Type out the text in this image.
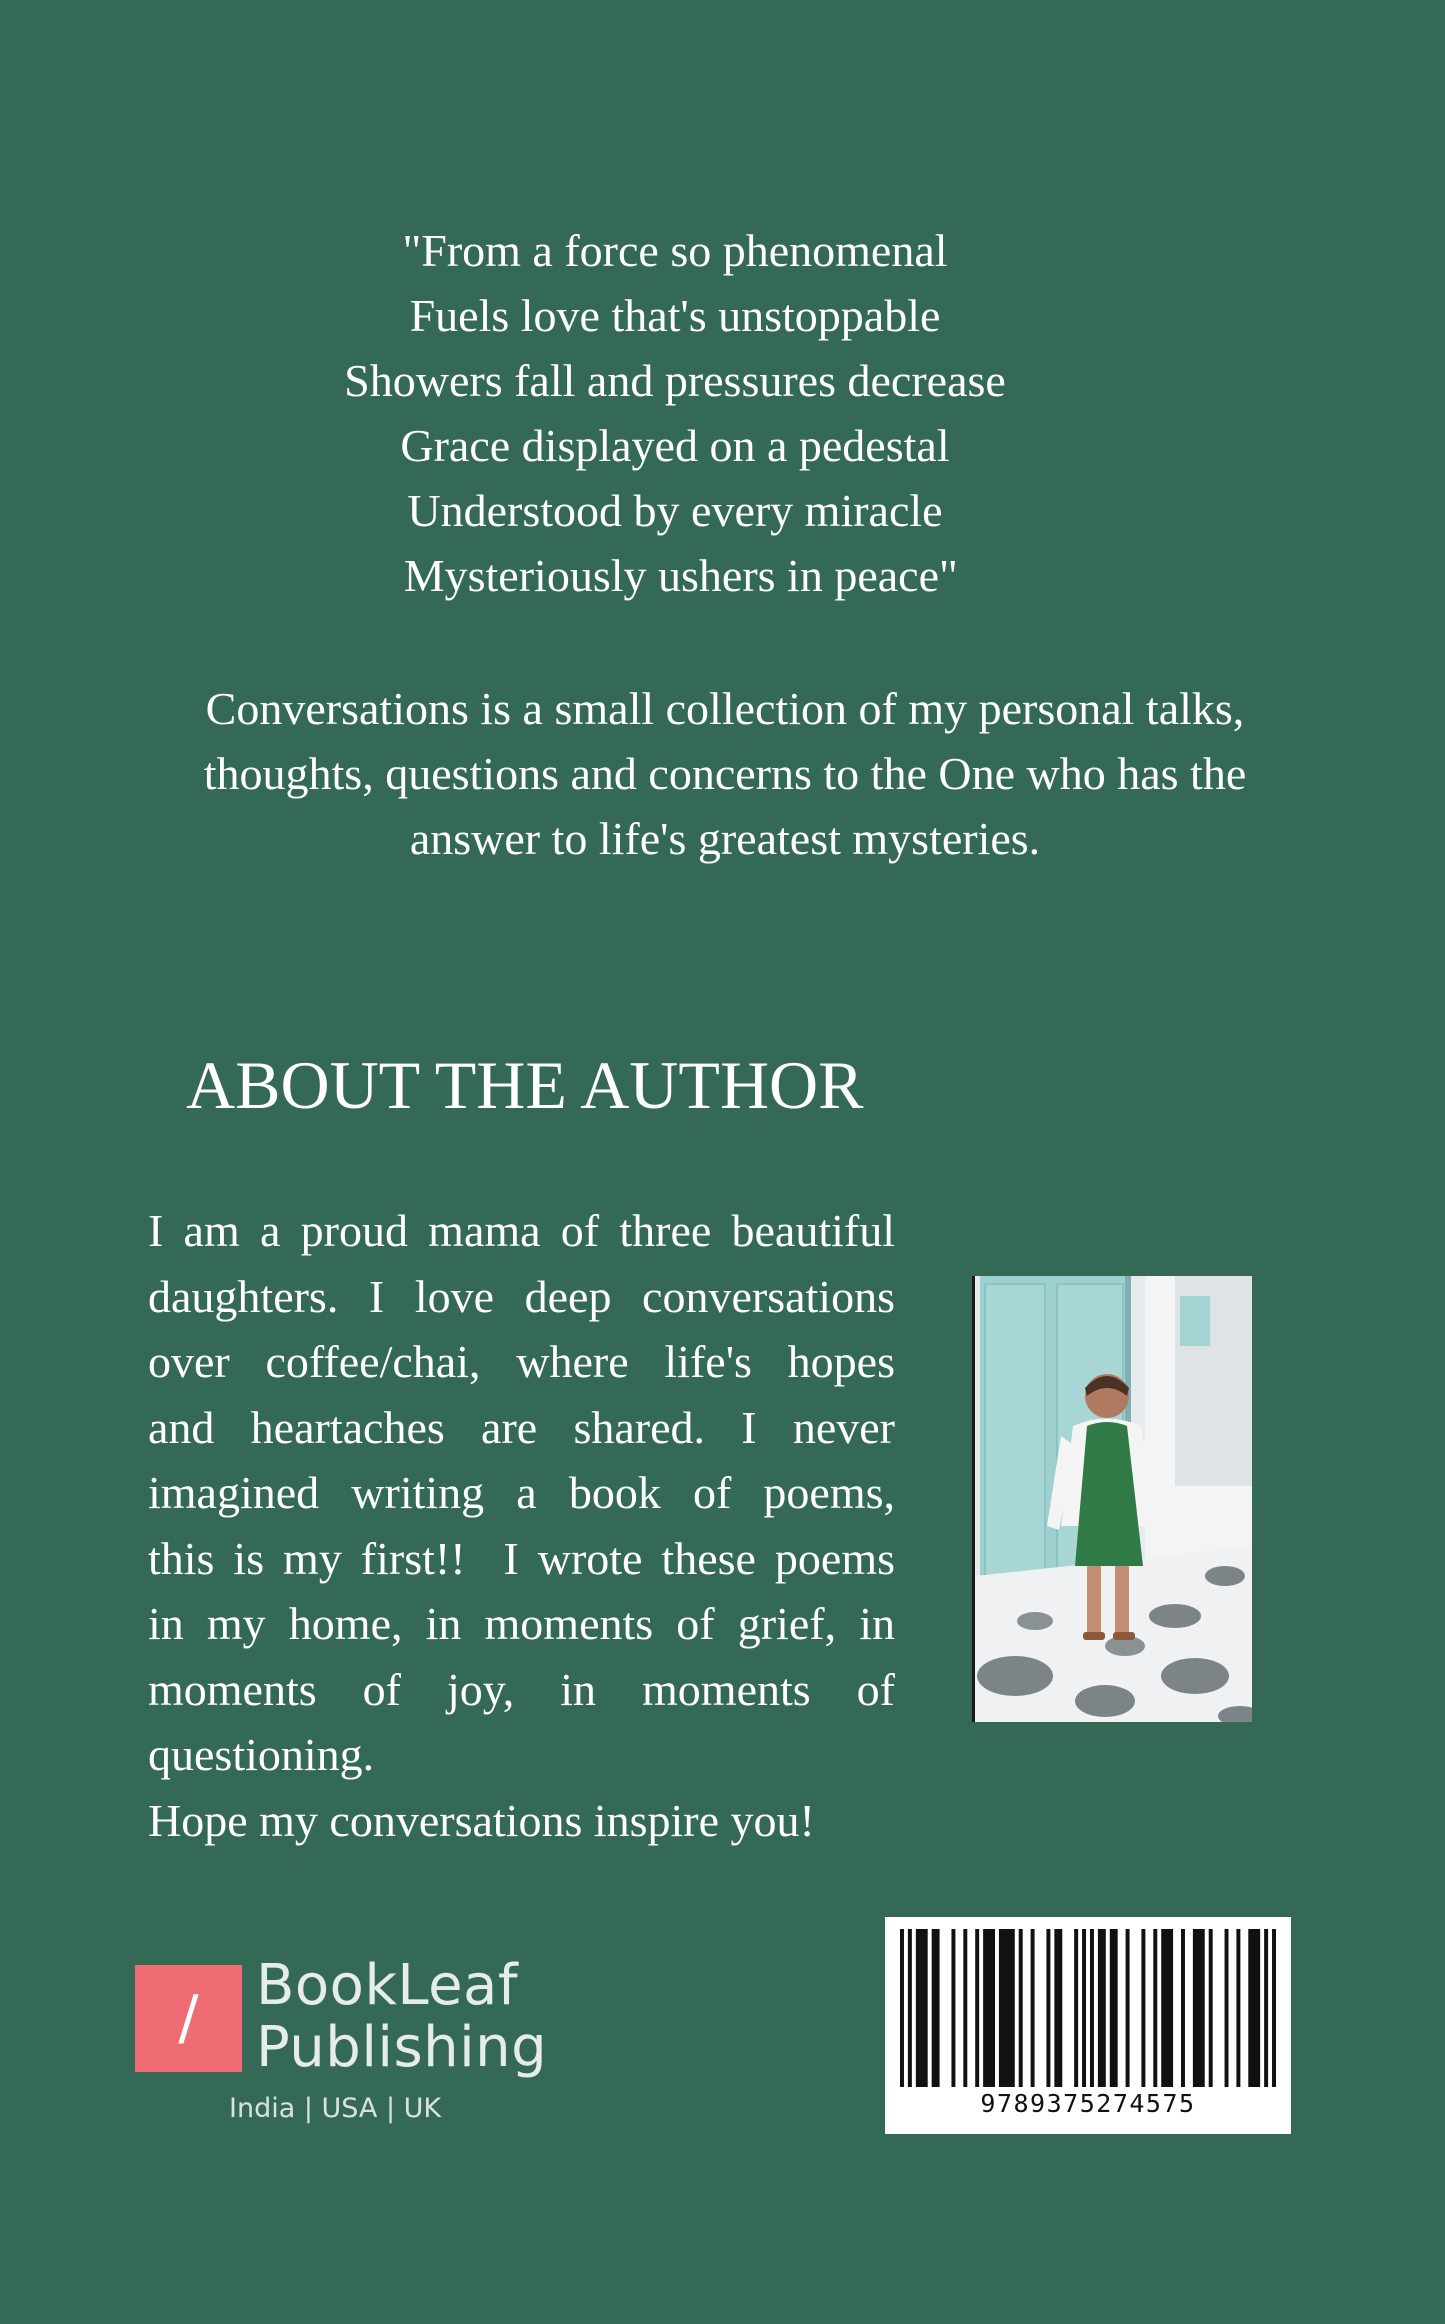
"From a force so phenomenal
Fuels love that's unstoppable
Showers fall and pressures decrease
Grace displayed on a pedestal
Understood by every miracle
Mysteriously ushers in peace"
Conversations is a small collection of my personal talks,
thoughts, questions and concerns to the One who has the
answer to life's greatest mysteries.
ABOUT THE AUTHOR
I am a proud mama of three beautiful
daughters. I love deep conversations
over coffee/chai, where life's hopes
and heartaches are shared. I never
imagined writing a book of poems,
this is my first!!  I wrote these poems
in my home, in moments of grief, in
moments of joy, in moments of
questioning.
Hope my conversations inspire you!
/	BookLeaf
Publishing
India | USA | UK	9789375274575
